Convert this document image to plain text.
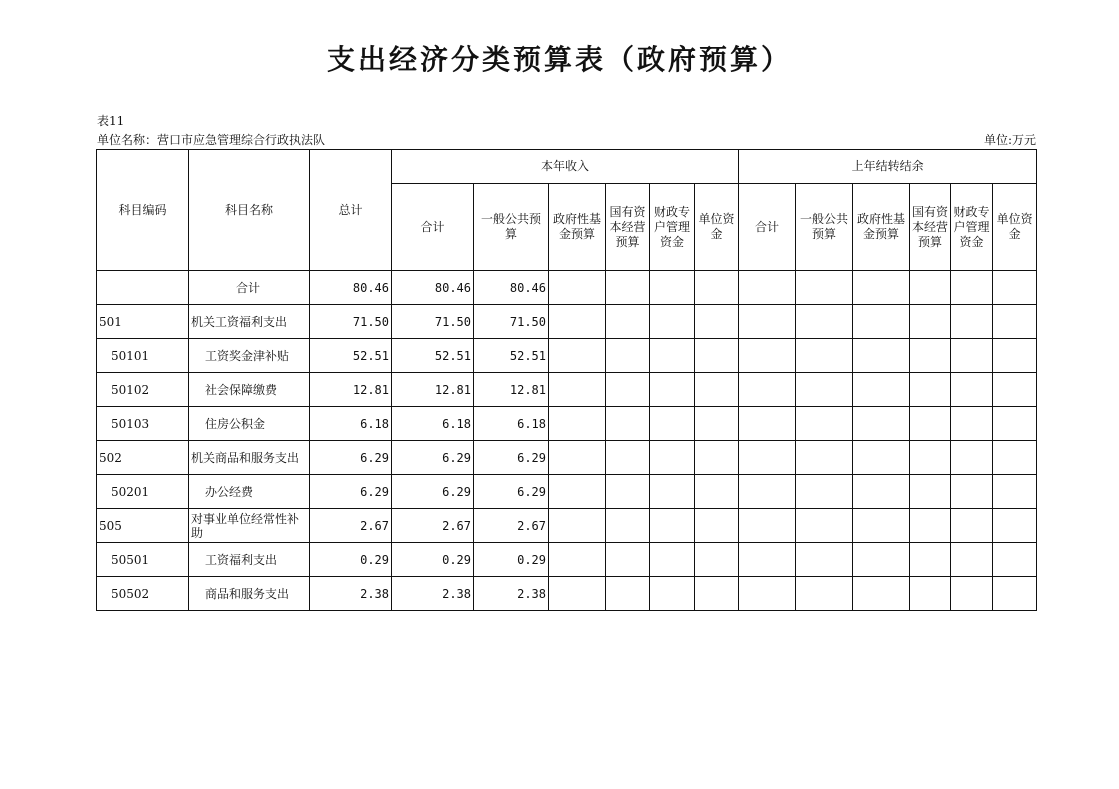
支出经济分类预算表（政府预算）
表11
单位名称：营口市应急管理综合行政执法队	单位:万元
科目编码	科目名称	总计	本年收入						上年结转结余					
			合计	一般公共预算	政府性基金预算	国有资本经营预算	财政专户管理资金	单位资金	合计	一般公共预算	政府性基金预算	国有资本经营预算	财政专户管理资金	单位资金
	合计	80.46	80.46	80.46										
501	机关工资福利支出	71.50	71.50	71.50										
50101	工资奖金津补贴	52.51	52.51	52.51										
50102	社会保障缴费	12.81	12.81	12.81										
50103	住房公积金	6.18	6.18	6.18										
502	机关商品和服务支出	6.29	6.29	6.29										
50201	办公经费	6.29	6.29	6.29										
505	对事业单位经常性补助	2.67	2.67	2.67										
50501	工资福利支出	0.29	0.29	0.29										
50502	商品和服务支出	2.38	2.38	2.38										
